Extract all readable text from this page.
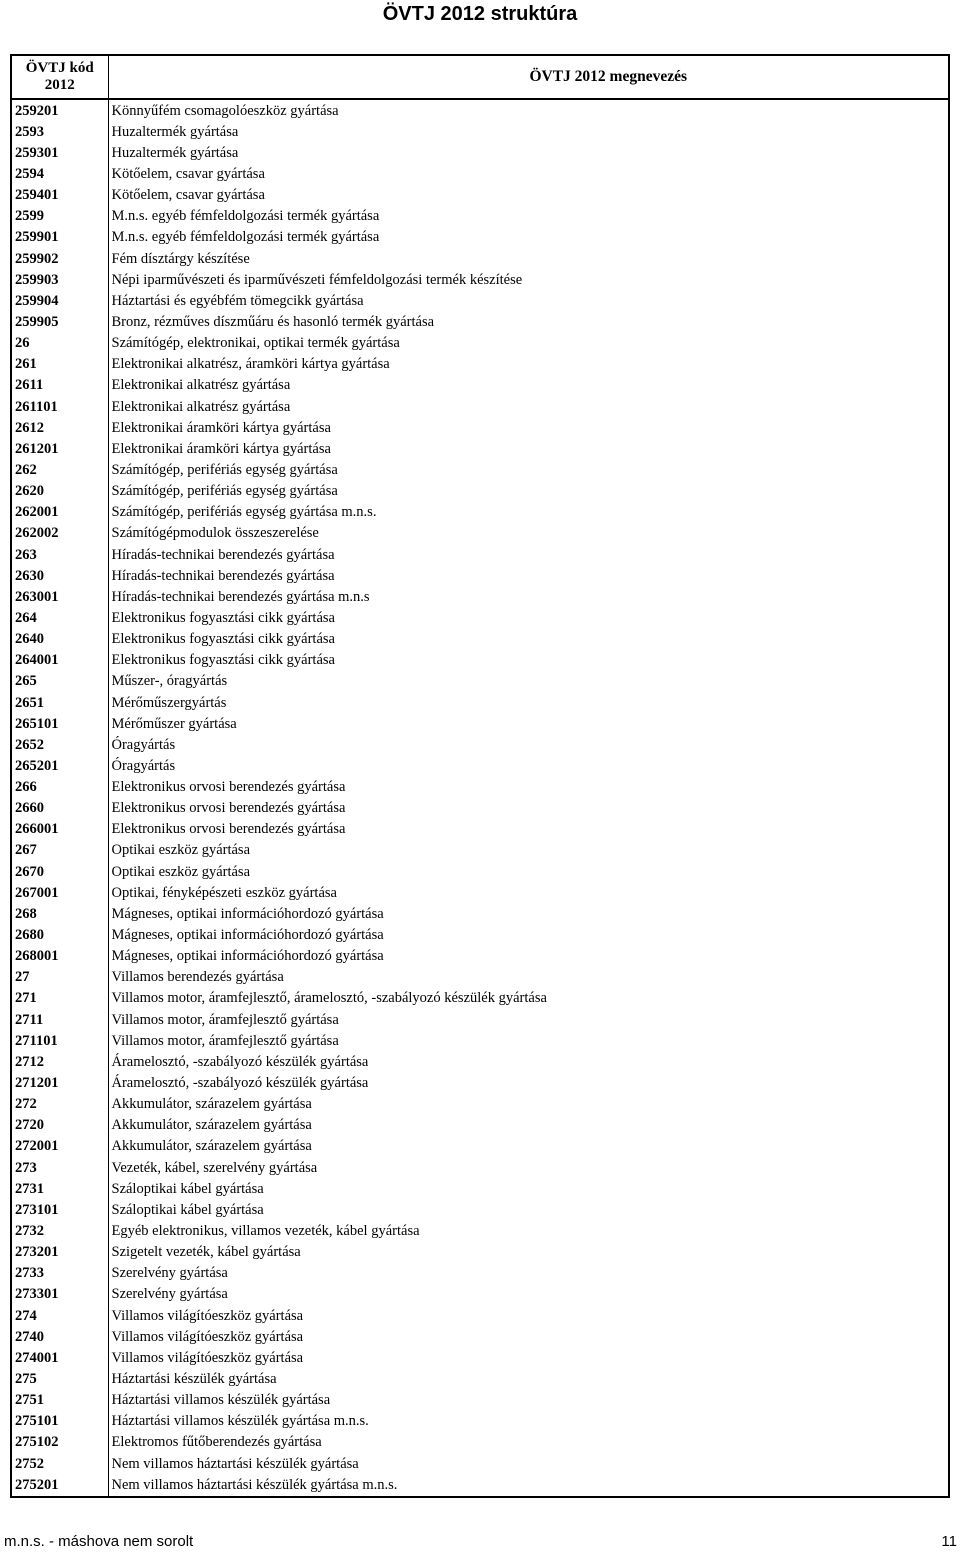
ÖVTJ 2012 struktúra
ÖVTJ kód
2012	ÖVTJ 2012 megnevezés
259201	Könnyűfém csomagolóeszköz gyártása
2593	Huzaltermék gyártása
259301	Huzaltermék gyártása
2594	Kötőelem, csavar gyártása
259401	Kötőelem, csavar gyártása
2599	M.n.s. egyéb fémfeldolgozási termék gyártása
259901	M.n.s. egyéb fémfeldolgozási termék gyártása
259902	Fém dísztárgy készítése
259903	Népi iparművészeti és iparművészeti fémfeldolgozási termék készítése
259904	Háztartási és egyébfém tömegcikk gyártása
259905	Bronz, rézműves díszműáru és hasonló termék gyártása
26	Számítógép, elektronikai, optikai termék gyártása
261	Elektronikai alkatrész, áramköri kártya gyártása
2611	Elektronikai alkatrész gyártása
261101	Elektronikai alkatrész gyártása
2612	Elektronikai áramköri kártya gyártása
261201	Elektronikai áramköri kártya gyártása
262	Számítógép, perifériás egység gyártása
2620	Számítógép, perifériás egység gyártása
262001	Számítógép, perifériás egység gyártása m.n.s.
262002	Számítógépmodulok összeszerelése
263	Híradás-technikai berendezés gyártása
2630	Híradás-technikai berendezés gyártása
263001	Híradás-technikai berendezés gyártása m.n.s
264	Elektronikus fogyasztási cikk gyártása
2640	Elektronikus fogyasztási cikk gyártása
264001	Elektronikus fogyasztási cikk gyártása
265	Műszer-, óragyártás
2651	Mérőműszergyártás
265101	Mérőműszer gyártása
2652	Óragyártás
265201	Óragyártás
266	Elektronikus orvosi berendezés gyártása
2660	Elektronikus orvosi berendezés gyártása
266001	Elektronikus orvosi berendezés gyártása
267	Optikai eszköz gyártása
2670	Optikai eszköz gyártása
267001	Optikai, fényképészeti eszköz gyártása
268	Mágneses, optikai információhordozó gyártása
2680	Mágneses, optikai információhordozó gyártása
268001	Mágneses, optikai információhordozó gyártása
27	Villamos berendezés gyártása
271	Villamos motor, áramfejlesztő, áramelosztó, -szabályozó készülék gyártása
2711	Villamos motor, áramfejlesztő gyártása
271101	Villamos motor, áramfejlesztő gyártása
2712	Áramelosztó, -szabályozó készülék gyártása
271201	Áramelosztó, -szabályozó készülék gyártása
272	Akkumulátor, szárazelem gyártása
2720	Akkumulátor, szárazelem gyártása
272001	Akkumulátor, szárazelem gyártása
273	Vezeték, kábel, szerelvény gyártása
2731	Száloptikai kábel gyártása
273101	Száloptikai kábel gyártása
2732	Egyéb elektronikus, villamos vezeték, kábel gyártása
273201	Szigetelt vezeték, kábel gyártása
2733	Szerelvény gyártása
273301	Szerelvény gyártása
274	Villamos világítóeszköz gyártása
2740	Villamos világítóeszköz gyártása
274001	Villamos világítóeszköz gyártása
275	Háztartási készülék gyártása
2751	Háztartási villamos készülék gyártása
275101	Háztartási villamos készülék gyártása m.n.s.
275102	Elektromos fűtőberendezés gyártása
2752	Nem villamos háztartási készülék gyártása
275201	Nem villamos háztartási készülék gyártása m.n.s.
m.n.s. - máshova nem sorolt	11
